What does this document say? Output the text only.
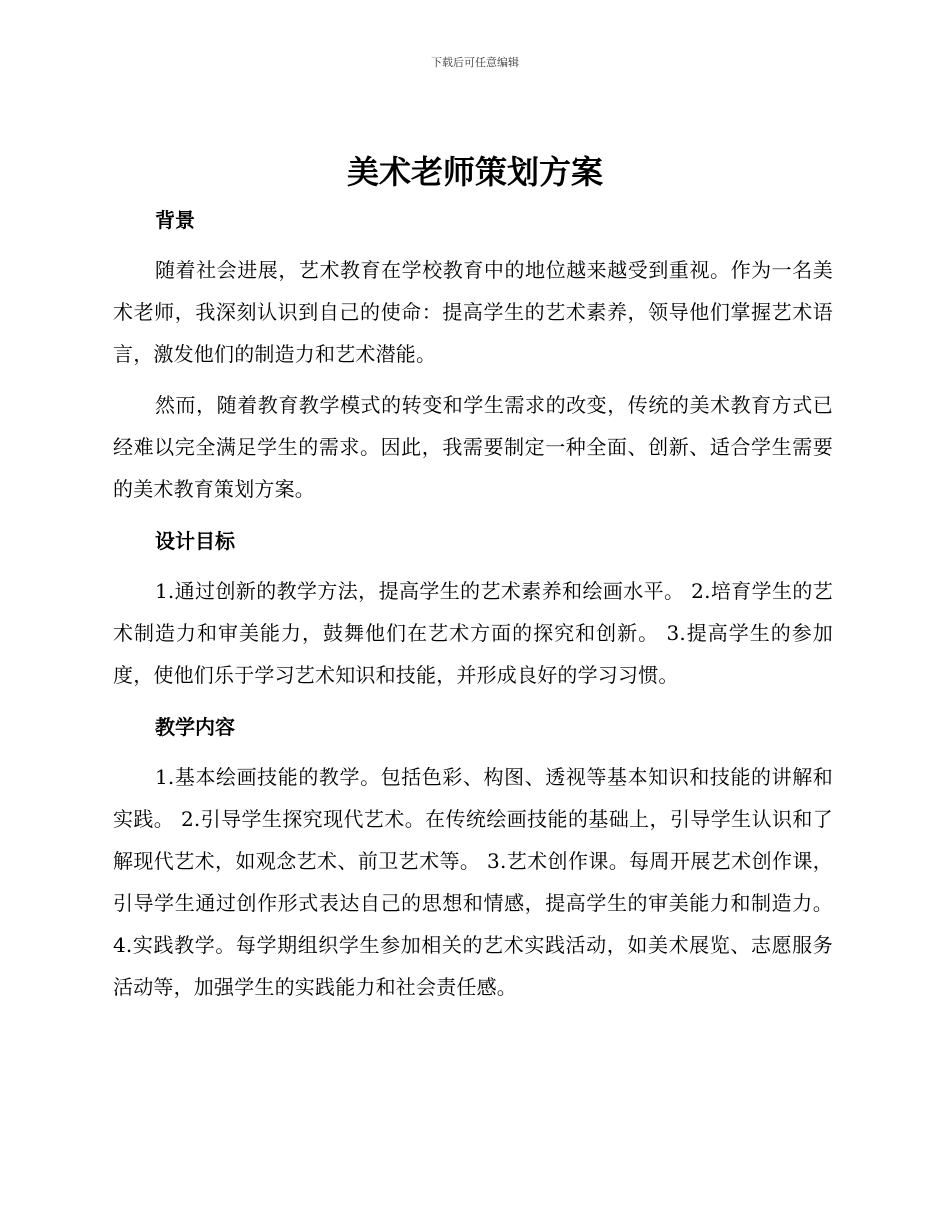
下载后可任意编辑
美术老师策划方案
背景

随着社会进展，艺术教育在学校教育中的地位越来越受到重视。作为一名美术老师，我深刻认识到自己的使命：提高学生的艺术素养，领导他们掌握艺术语言，激发他们的制造力和艺术潜能。

然而，随着教育教学模式的转变和学生需求的改变，传统的美术教育方式已经难以完全满足学生的需求。因此，我需要制定一种全面、创新、适合学生需要的美术教育策划方案。

设计目标

1.通过创新的教学方法，提高学生的艺术素养和绘画水平。 2.培育学生的艺术制造力和审美能力，鼓舞他们在艺术方面的探究和创新。 3.提高学生的参加度，使他们乐于学习艺术知识和技能，并形成良好的学习习惯。

教学内容

1.基本绘画技能的教学。包括色彩、构图、透视等基本知识和技能的讲解和实践。 2.引导学生探究现代艺术。在传统绘画技能的基础上，引导学生认识和了解现代艺术，如观念艺术、前卫艺术等。 3.艺术创作课。每周开展艺术创作课，引导学生通过创作形式表达自己的思想和情感，提高学生的审美能力和制造力。 4.实践教学。每学期组织学生参加相关的艺术实践活动，如美术展览、志愿服务活动等，加强学生的实践能力和社会责任感。
